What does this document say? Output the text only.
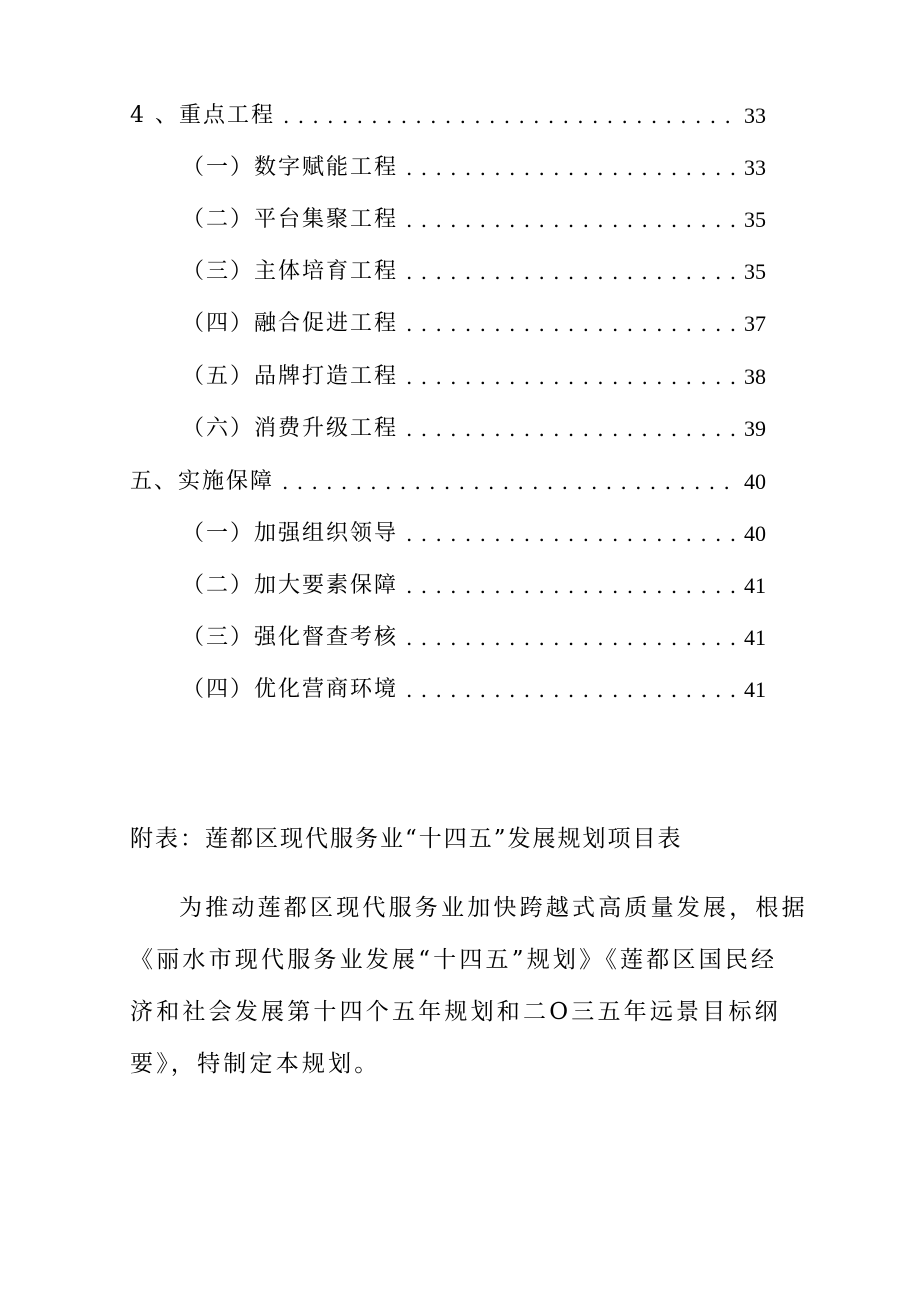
4 、重点工程 . . .	33
（一）数字赋能工程 . . .	33
（二）平台集聚工程 . . .	35
（三）主体培育工程 . . .	35
（四）融合促进工程 . . .	37
（五）品牌打造工程 . . .	38
（六）消费升级工程 . . .	39
五、实施保障 . . .	40
（一）加强组织领导 . . .	40
（二）加大要素保障 . . .	41
（三）强化督查考核 . . .	41
（四）优化营商环境 . . .	41
附表：莲都区现代服务业“十四五”发展规划项目表
为推动莲都区现代服务业加快跨越式高质量发展，根据
《丽水市现代服务业发展“十四五”规划》《莲都区国民经
济和社会发展第十四个五年规划和二O三五年远景目标纲
要》，特制定本规划。
